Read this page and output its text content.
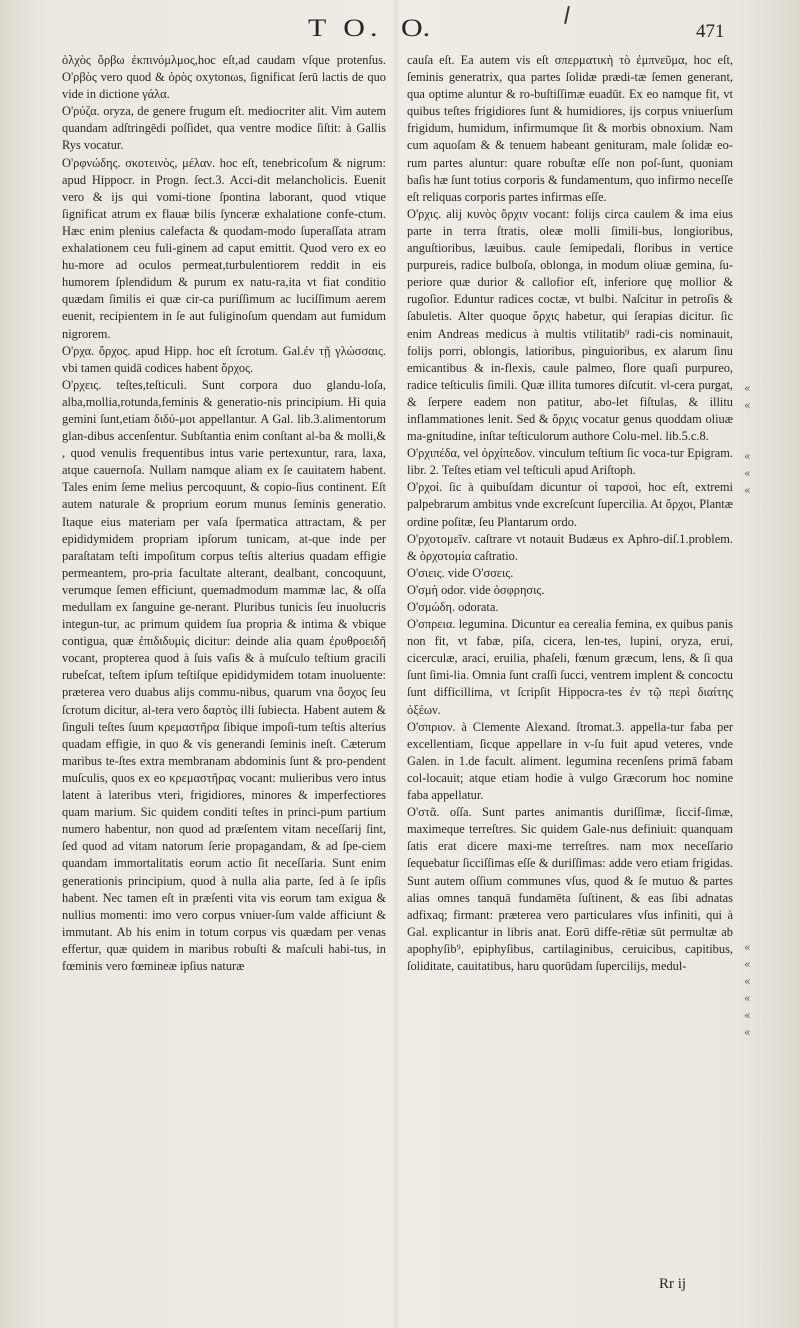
T O. O.	471

ὀλχὸς ὄρβω ἐκπινόμλμος,hoc eſt,ad caudam vſque protenſus. O'ρβὸς vero quod & ὀρὸς oxytonωs, ſignificat ſerū lactis de quo vide in dictione γάλα.

O'ρύζα. oryza, de genere frugum eſt. mediocriter alit. Vim autem quandam adſtringēdi poſſidet, qua ventre modice ſiſtit: à Gallis Rys vocatur.

O'ρφνώδης. σκοτεινὸς, μέλαν. hoc eſt, tenebricoſum & nigrum: apud Hippocr. in Progn. ſect.3. Acci-dit melancholicis. Euenit vero & ijs qui vomi-tione ſpontina laborant, quod vtique ſignificat atrum ex flauæ bilis ſynceræ exhalatione confe-ctum. Hæc enim plenius calefacta & quodam-modo ſuperaſſata atram exhalationem ceu fuli-ginem ad caput emittit. Quod vero ex eo hu-more ad oculos permeat,turbulentiorem reddit in eis humorem ſplendidum & purum ex natu-ra,ita vt fiat conditio quædam ſimilis ei quæ cir-ca puriſſimum ac luciſſimum aerem euenit, recipientem in ſe aut fuliginoſum quendam aut fumidum nigrorem.

O'ρχα. ὄρχος. apud Hipp. hoc eſt ſcrotum. Gal.ἐν τῇ γλώσσαις. vbi tamen quidā codices habent ὄρχος.

O'ρχεις. teſtes,teſticuli. Sunt corpora duo glandu-loſa, alba,mollia,rotunda,feminis & generatio-nis principium. Hi quia gemini ſunt,etiam διδύ-μοι appellantur. A Gal. lib.3.alimentorum glan-dibus accenſentur. Subſtantia enim conſtant al-ba & molli,& , quod venulis frequentibus intus varie pertexuntur, rara, laxa, atque cauernoſa. Nullam namque aliam ex ſe cauitatem habent. Tales enim ſeme melius percoquunt, & copio-ſius continent. Eſt autem naturale & proprium eorum munus ſeminis generatio. Itaque eius materiam per vaſa ſpermatica attractam, & per epididymidem propriam ipſorum tunicam, at-que inde per paraſtatam teſti impoſitum corpus teſtis alterius quadam effigie permeantem, pro-pria facultate alterant, dealbant, concoquunt, verumque ſemen efficiunt, quemadmodum mammæ lac, & oſſa medullam ex ſanguine ge-nerant. Pluribus tunicis ſeu inuolucris integun-tur, ac primum quidem ſua propria & intima & vbique contigua, quæ ἐπιδιδυμὶς dicitur: deinde alia quam ἐρυθροειδῆ vocant, propterea quod à ſuis vaſis & à muſculo teſtium gracili rubeſcat, teſtem ipſum teſtiſque epididymidem totam inuoluente: præterea vero duabus alijs commu-nibus, quarum vna ὄσχος ſeu ſcrotum dicitur, al-tera vero δαρτὸς illi ſubiecta. Habent autem & ſinguli teſtes ſuum κρεμαστῆρα ſibique impoſi-tum teſtis alterius quadam effigie, in quo & vis generandi ſeminis ineſt. Cæterum maribus te-ſtes extra membranam abdominis ſunt & pro-pendent muſculis, quos ex eo κρεμαστῆρας vocant: mulieribus vero intus latent à lateribus vteri, frigidiores, minores & imperfectiores quam marium. Sic quidem conditi teſtes in princi-pum partium numero habentur, non quod ad præſentem vitam neceſſarij ſint, ſed quod ad vitam natorum ſerie propagandam, & ad ſpe-ciem quandam immortalitatis eorum actio ſit neceſſaria. Sunt enim generationis principium, quod à nulla alia parte, ſed à ſe ipſis habent. Nec tamen eſt in præſenti vita vis eorum tam exigua & nullius momenti: imo vero corpus vniuer-ſum valde afficiunt & immutant. Ab his enim in totum corpus vis quædam per venas effertur, quæ quidem in maribus robuſti & maſculi habi-tus, in fœminis vero fœmineæ ipſius naturæ

cauſa eſt. Ea autem vis eſt σπερματικὴ τὸ ἐμπνεῦμα, hoc eſt, ſeminis generatrix, qua partes ſolidæ prædi-tæ ſemen generant, qua optime aluntur & ro-buſtiſſimæ euadūt. Ex eo namque fit, vt quibus teſtes frigidiores ſunt & humidiores, ijs corpus vniuerſum frigidum, humidum, infirmumque ſit & morbis obnoxium. Nam cum aquoſam & & tenuem habeant genituram, male ſolidæ eo-rum partes aluntur: quare robuſtæ eſſe non poſ-ſunt, quoniam baſis hæ ſunt totius corporis & fundamentum, quo infirmo neceſſe eſt reliquas corporis partes infirmas eſſe.

O'ρχις. alij κυνὸς ὄρχιν vocant: folijs circa caulem & ima eius parte in terra ſtratis, oleæ molli ſimili-bus, longioribus, anguſtioribus, læuibus. caule ſemipedali, floribus in vertice purpureis, radice bulboſa, oblonga, in modum oliuæ gemina, ſu-periore quæ durior & callofior eſt, inferiore quę mollior & rugoſior. Eduntur radices coctæ, vt bulbi. Naſcitur in petroſis & ſabuletis. Alter quoque ὄρχις habetur, qui ſerapias dicitur. ſic enim Andreas medicus à multis vtilitatib⁹ radi-cis nominauit, folijs porri, oblongis, latioribus, pinguioribus, ex alarum ſinu emicantibus & in-flexis, caule palmeo, flore quaſi purpureo, radice teſticulis ſimili. Quæ illita tumores diſcutit. vl-cera purgat, & ſerpere eadem non patitur, abo-let fiſtulas, & illitu inflammationes lenit. Sed & ὄρχις vocatur genus quoddam oliuæ ma-gnitudine, inſtar teſticulorum authore Colu-mel. lib.5.c.8.

O'ρχιπέδα, vel ὀρχίπεδον. vinculum teſtium ſic voca-tur Epigram. libr. 2. Teſtes etiam vel teſticuli apud Ariſtoph.

O'ρχοί. ſic à quibuſdam dicuntur οἱ ταρσοὶ, hoc eſt, extremi palpebrarum ambitus vnde excreſcunt ſupercilia. At ὄρχοι, Plantæ ordine poſitæ, ſeu Plantarum ordo.

O'ρχοτομεῖν. caſtrare vt notauit Budæus ex Aphro-diſ.1.problem. & ὀρχοτομία caſtratio.

O'σιεις. vide O'σσεις.

O'σμὴ odor. vide ὀσφρησις.

O'σμώδη. odorata.

O'σπρεια. legumina. Dicuntur ea cerealia femina, ex quibus panis non fit, vt fabæ, piſa, cicera, len-tes, lupini, oryza, erui, cicerculæ, araci, eruilia, phaſeli, fœnum græcum, lens, & ſi qua ſunt ſimi-lia. Omnia ſunt craſſi ſucci, ventrem implent & concoctu ſunt difficillima, vt ſcripſit Hippocra-tes ἐν τῷ περὶ διαίτης ὀξέων.

O'σπριον. à Clemente Alexand. ſtromat.3. appella-tur faba per excellentiam, ſicque appellare in v-ſu fuit apud veteres, vnde Galen. in 1.de facult. aliment. legumina recenſens primā fabam col-locauit; atque etiam hodie à vulgo Græcorum hoc nomine faba appellatur.

O'στᾶ. oſſa. Sunt partes animantis duriſſimæ, ſiccif-ſimæ, maximeque terreſtres. Sic quidem Gale-nus definiuit: quanquam ſatis erat dicere maxi-me terreſtres. nam mox neceſſario ſequebatur ſicciſſimas eſſe & duriſſimas: adde vero etiam frigidas. Sunt autem oſſium communes vſus, quod & ſe mutuo & partes alias omnes tanquā fundamēta ſuſtinent, & eas ſibi adnatas adfixaq; firmant: præterea vero particulares vſus infiniti, qui à Gal. explicantur in libris anat. Eorū diffe-rētiæ sūt permultæ ab apophyſib⁹, epiphyſibus, cartilaginibus, ceruicibus, capitibus, ſoliditate, cauitatibus, haru quorūdam ſupercilijs, medul-

«
«
«
«
«
«
«
«
«
«
«
Rr ij
